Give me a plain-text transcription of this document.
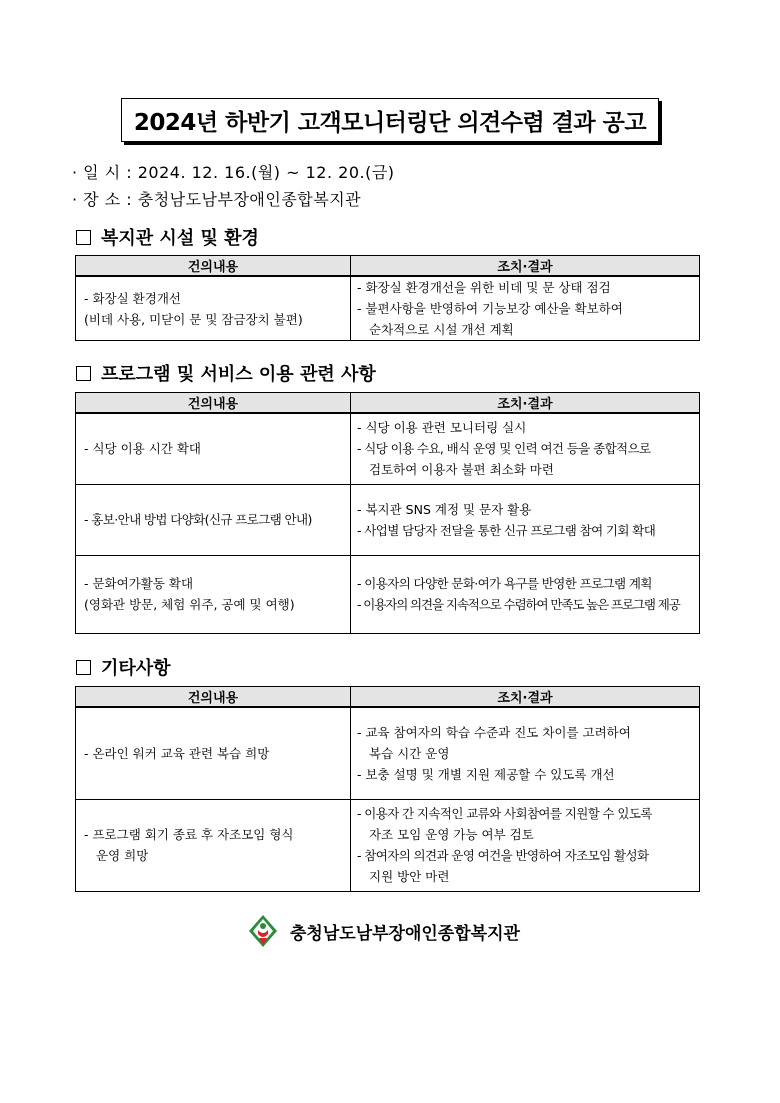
2024년 하반기 고객모니터링단 의견수렴 결과 공고
· 일 시 : 2024. 12. 16.(월) ~ 12. 20.(금)
· 장 소 : 충청남도남부장애인종합복지관
복지관 시설 및 환경
건의내용	조치·결과

- 화장실 환경개선
(비데 사용, 미닫이 문 및 잠금장치 불편)	- 화장실 환경개선을 위한 비데 및 문 상태 점검
- 불편사항을 반영하여 기능보강 예산을 확보하여
순차적으로 시설 개선 계획
프로그램 및 서비스 이용 관련 사항
건의내용	조치·결과

- 식당 이용 시간 확대	- 식당 이용 관련 모니터링 실시
- 식당 이용 수요, 배식 운영 및 인력 여건 등을 종합적으로
검토하여 이용자 불편 최소화 마련

- 홍보·안내 방법 다양화(신규 프로그램 안내)	- 복지관 SNS 계정 및 문자 활용
- 사업별 담당자 전달을 통한 신규 프로그램 참여 기회 확대

- 문화여가활동 확대
(영화관 방문, 체험 위주, 공예 및 여행)	- 이용자의 다양한 문화·여가 욕구를 반영한 프로그램 계획
- 이용자의 의견을 지속적으로 수렴하여 만족도 높은 프로그램 제공
기타사항
건의내용	조치·결과

- 온라인 워커 교육 관련 복습 희망	- 교육 참여자의 학습 수준과 진도 차이를 고려하여
복습 시간 운영
- 보충 설명 및 개별 지원 제공할 수 있도록 개선

- 프로그램 회기 종료 후 자조모임 형식
운영 희망	- 이용자 간 지속적인 교류와 사회참여를 지원할 수 있도록
자조 모임 운영 가능 여부 검토
- 참여자의 의견과 운영 여건을 반영하여 자조모임 활성화
지원 방안 마련
충청남도남부장애인종합복지관
